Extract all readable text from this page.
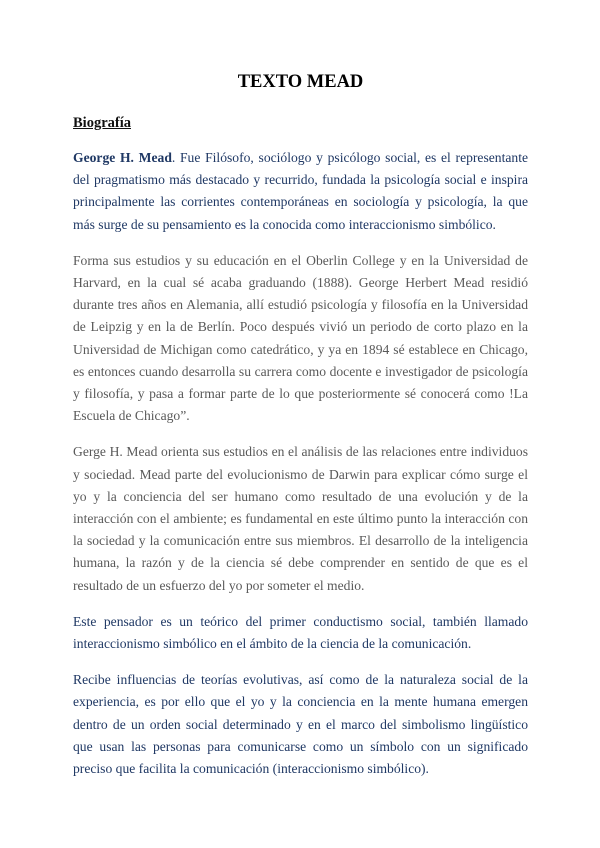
TEXTO MEAD
Biografía

George H. Mead. Fue Filósofo, sociólogo y psicólogo social, es el representante del pragmatismo más destacado y recurrido, fundada la psicología social e inspira principalmente las corrientes contemporáneas en sociología y psicología, la que más surge de su pensamiento es la conocida como interaccionismo simbólico.

Forma sus estudios y su educación en el Oberlin College y en la Universidad de Harvard, en la cual sé acaba graduando (1888). George Herbert Mead residió durante tres años en Alemania, allí estudió psicología y filosofía en la Universidad de Leipzig y en la de Berlín. Poco después vivió un periodo de corto plazo en la Universidad de Michigan como catedrático, y ya en 1894 sé establece en Chicago, es entonces cuando desarrolla su carrera como docente e investigador de psicología y filosofía, y pasa a formar parte de lo que posteriormente sé conocerá como !La Escuela de Chicago”.

Gerge H. Mead orienta sus estudios en el análisis de las relaciones entre individuos y sociedad. Mead parte del evolucionismo de Darwin para explicar cómo surge el yo y la conciencia del ser humano como resultado de una evolución y de la interacción con el ambiente; es fundamental en este último punto la interacción con la sociedad y la comunicación entre sus miembros. El desarrollo de la inteligencia humana, la razón y de la ciencia sé debe comprender en sentido de que es el resultado de un esfuerzo del yo por someter el medio.

Este pensador es un teórico del primer conductismo social, también llamado interaccionismo simbólico en el ámbito de la ciencia de la comunicación.

Recibe influencias de teorías evolutivas, así como de la naturaleza social de la experiencia, es por ello que el yo y la conciencia en la mente humana emergen dentro de un orden social determinado y en el marco del simbolismo lingüístico que usan las personas para comunicarse como un símbolo con un significado preciso que facilita la comunicación (interaccionismo simbólico).
